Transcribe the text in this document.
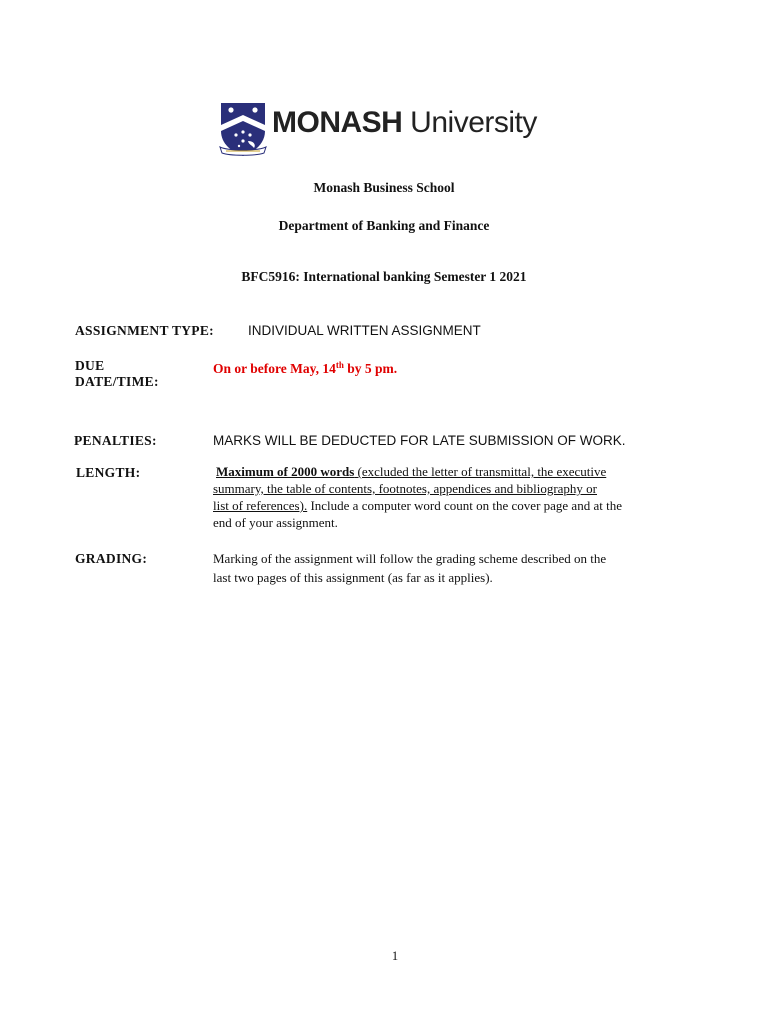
MONASH University
Monash Business School
Department of Banking and Finance
BFC5916: International banking Semester 1 2021
ASSIGNMENT TYPE:	INDIVIDUAL WRITTEN ASSIGNMENT
DUE
DATE/TIME:
On or before May, 14th by 5 pm.
PENALTIES:	MARKS WILL BE DEDUCTED FOR LATE SUBMISSION OF WORK.
LENGTH:	Maximum of 2000 words (excluded the letter of transmittal, the executive
summary, the table of contents, footnotes, appendices and bibliography or
list of references). Include a computer word count on the cover page and at the
end of your assignment.
GRADING:	Marking of the assignment will follow the grading scheme described on the
last two pages of this assignment (as far as it applies).
1
